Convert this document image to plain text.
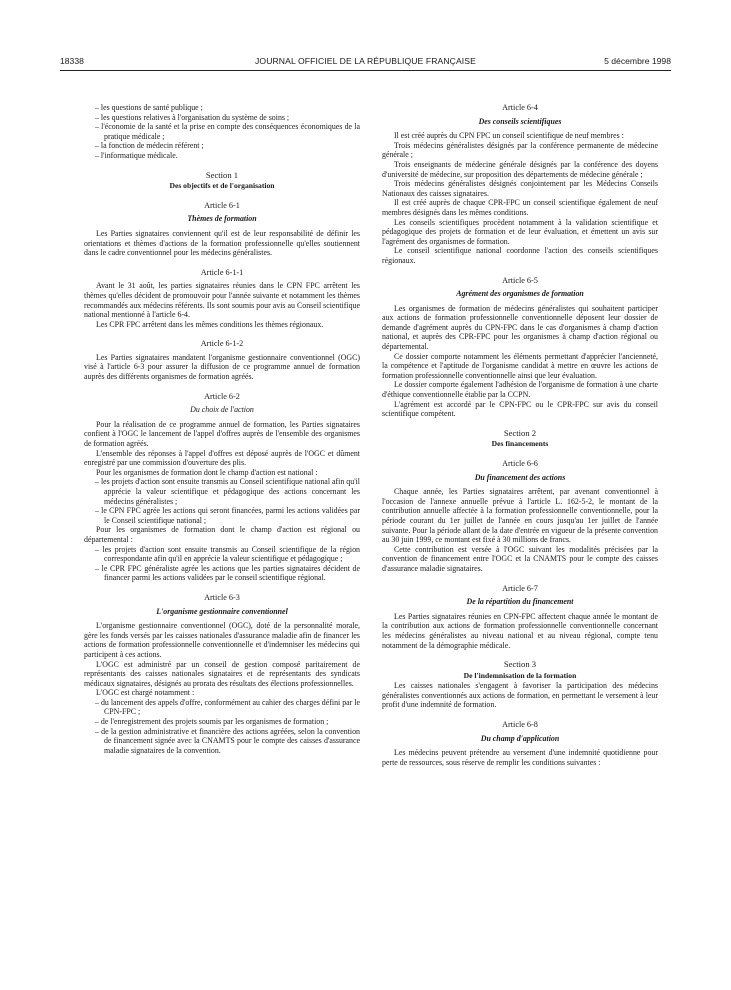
18338	JOURNAL OFFICIEL DE LA RÉPUBLIQUE FRANÇAISE	5 décembre 1998

– les questions de santé publique ;

– les questions relatives à l'organisation du système de soins ;

– l'économie de la santé et la prise en compte des conséquences économiques de la pratique médicale ;

– la fonction de médecin référent ;

– l'informatique médicale.

Section 1
Des objectifs et de l'organisation
Article 6-1
Thèmes de formation

Les Parties signataires conviennent qu'il est de leur responsabilité de définir les orientations et thèmes d'actions de la formation professionnelle qu'elles soutiennent dans le cadre conventionnel pour les médecins généralistes.

Article 6-1-1

Avant le 31 août, les parties signataires réunies dans le CPN FPC arrêtent les thèmes qu'elles décident de promouvoir pour l'année suivante et notamment les thèmes recommandés aux médecins référents. Ils sont soumis pour avis au Conseil scientifique national mentionné à l'article 6-4.

Les CPR FPC arrêtent dans les mêmes conditions les thèmes régionaux.

Article 6-1-2

Les Parties signataires mandatent l'organisme gestionnaire conventionnel (OGC) visé à l'article 6-3 pour assurer la diffusion de ce programme annuel de formation auprès des différents organismes de formation agréés.

Article 6-2
Du choix de l'action

Pour la réalisation de ce programme annuel de formation, les Parties signataires confient à l'OGC le lancement de l'appel d'offres auprès de l'ensemble des organismes de formation agréés.

L'ensemble des réponses à l'appel d'offres est déposé auprès de l'OGC et dûment enregistré par une commission d'ouverture des plis.

Pour les organismes de formation dont le champ d'action est national :

– les projets d'action sont ensuite transmis au Conseil scientifique national afin qu'il apprécie la valeur scientifique et pédagogique des actions concernant les médecins généralistes ;

– le CPN FPC agrée les actions qui seront financées, parmi les actions validées par le Conseil scientifique national ;

Pour les organismes de formation dont le champ d'action est régional ou départemental :

– les projets d'action sont ensuite transmis au Conseil scientifique de la région correspondante afin qu'il en apprécie la valeur scientifique et pédagogique ;

– le CPR FPC généraliste agrée les actions que les parties signataires décident de financer parmi les actions validées par le conseil scientifique régional.

Article 6-3
L'organisme gestionnaire conventionnel

L'organisme gestionnaire conventionnel (OGC), doté de la personnalité morale, gère les fonds versés par les caisses nationales d'assurance maladie afin de financer les actions de formation professionnelle conventionnelle et d'indemniser les médecins qui participent à ces actions.

L'OGC est administré par un conseil de gestion composé paritairement de représentants des caisses nationales signataires et de représentants des syndicats médicaux signataires, désignés au prorata des résultats des élections professionnelles.

L'OGC est chargé notamment :

– du lancement des appels d'offre, conformément au cahier des charges défini par le CPN-FPC ;

– de l'enregistrement des projets soumis par les organismes de formation ;

– de la gestion administrative et financière des actions agréées, selon la convention de financement signée avec la CNAMTS pour le compte des caisses d'assurance maladie signataires de la convention.

Article 6-4
Des conseils scientifiques

Il est créé auprès du CPN FPC un conseil scientifique de neuf membres :

Trois médecins généralistes désignés par la conférence permanente de médecine générale ;

Trois enseignants de médecine générale désignés par la conférence des doyens d'université de médecine, sur proposition des départements de médecine générale ;

Trois médecins généralistes désignés conjointement par les Médecins Conseils Nationaux des caisses signataires.

Il est créé auprès de chaque CPR-FPC un conseil scientifique également de neuf membres désignés dans les mêmes conditions.

Les conseils scientifiques procèdent notamment à la validation scientifique et pédagogique des projets de formation et de leur évaluation, et émettent un avis sur l'agrément des organismes de formation.

Le conseil scientifique national coordonne l'action des conseils scientifiques régionaux.

Article 6-5
Agrément des organismes de formation

Les organismes de formation de médecins généralistes qui souhaitent participer aux actions de formation professionnelle conventionnelle déposent leur dossier de demande d'agrément auprès du CPN-FPC dans le cas d'organismes à champ d'action national, et auprès des CPR-FPC pour les organismes à champ d'action régional ou départemental.

Ce dossier comporte notamment les éléments permettant d'apprécier l'ancienneté, la compétence et l'aptitude de l'organisme candidat à mettre en œuvre les actions de formation professionnelle conventionnelle ainsi que leur évaluation.

Le dossier comporte également l'adhésion de l'organisme de formation à une charte d'éthique conventionnelle établie par la CCPN.

L'agrément est accordé par le CPN-FPC ou le CPR-FPC sur avis du conseil scientifique compétent.

Section 2
Des financements
Article 6-6
Du financement des actions

Chaque année, les Parties signataires arrêtent, par avenant conventionnel à l'occasion de l'annexe annuelle prévue à l'article L. 162-5-2, le montant de la contribution annuelle affectée à la formation professionnelle conventionnelle, pour la période courant du 1er juillet de l'année en cours jusqu'au 1er juillet de l'année suivante. Pour la période allant de la date d'entrée en vigueur de la présente convention au 30 juin 1999, ce montant est fixé à 30 millions de francs.

Cette contribution est versée à l'OGC suivant les modalités précisées par la convention de financement entre l'OGC et la CNAMTS pour le compte des caisses d'assurance maladie signataires.

Article 6-7
De la répartition du financement

Les Parties signataires réunies en CPN-FPC affectent chaque année le montant de la contribution aux actions de formation professionnelle conventionnelle concernant les médecins généralistes au niveau national et au niveau régional, compte tenu notamment de la démographie médicale.

Section 3
De l'indemnisation de la formation

Les caisses nationales s'engagent à favoriser la participation des médecins généralistes conventionnés aux actions de formation, en permettant le versement à leur profit d'une indemnité de formation.

Article 6-8
Du champ d'application

Les médecins peuvent prétendre au versement d'une indemnité quotidienne pour perte de ressources, sous réserve de remplir les conditions suivantes :
